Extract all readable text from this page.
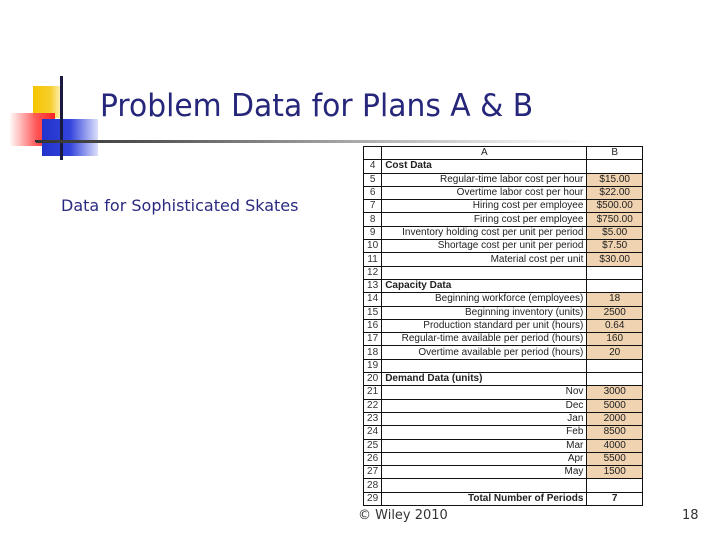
Problem Data for Plans A & B
Data for Sophisticated Skates
	A	B
4	Cost Data	
5	Regular-time labor cost per hour	$15.00
6	Overtime labor cost per hour	$22.00
7	Hiring cost per employee	$500.00
8	Firing cost per employee	$750.00
9	Inventory holding cost per unit per period	$5.00
10	Shortage cost per unit per period	$7.50
11	Material cost per unit	$30.00
12		
13	Capacity Data	
14	Beginning workforce (employees)	18
15	Beginning inventory (units)	2500
16	Production standard per unit (hours)	0.64
17	Regular-time available per period (hours)	160
18	Overtime available per period (hours)	20
19		
20	Demand Data (units)	
21	Nov	3000
22	Dec	5000
23	Jan	2000
24	Feb	8500
25	Mar	4000
26	Apr	5500
27	May	1500
28		
29	Total Number of Periods	7
© Wiley 2010	18
